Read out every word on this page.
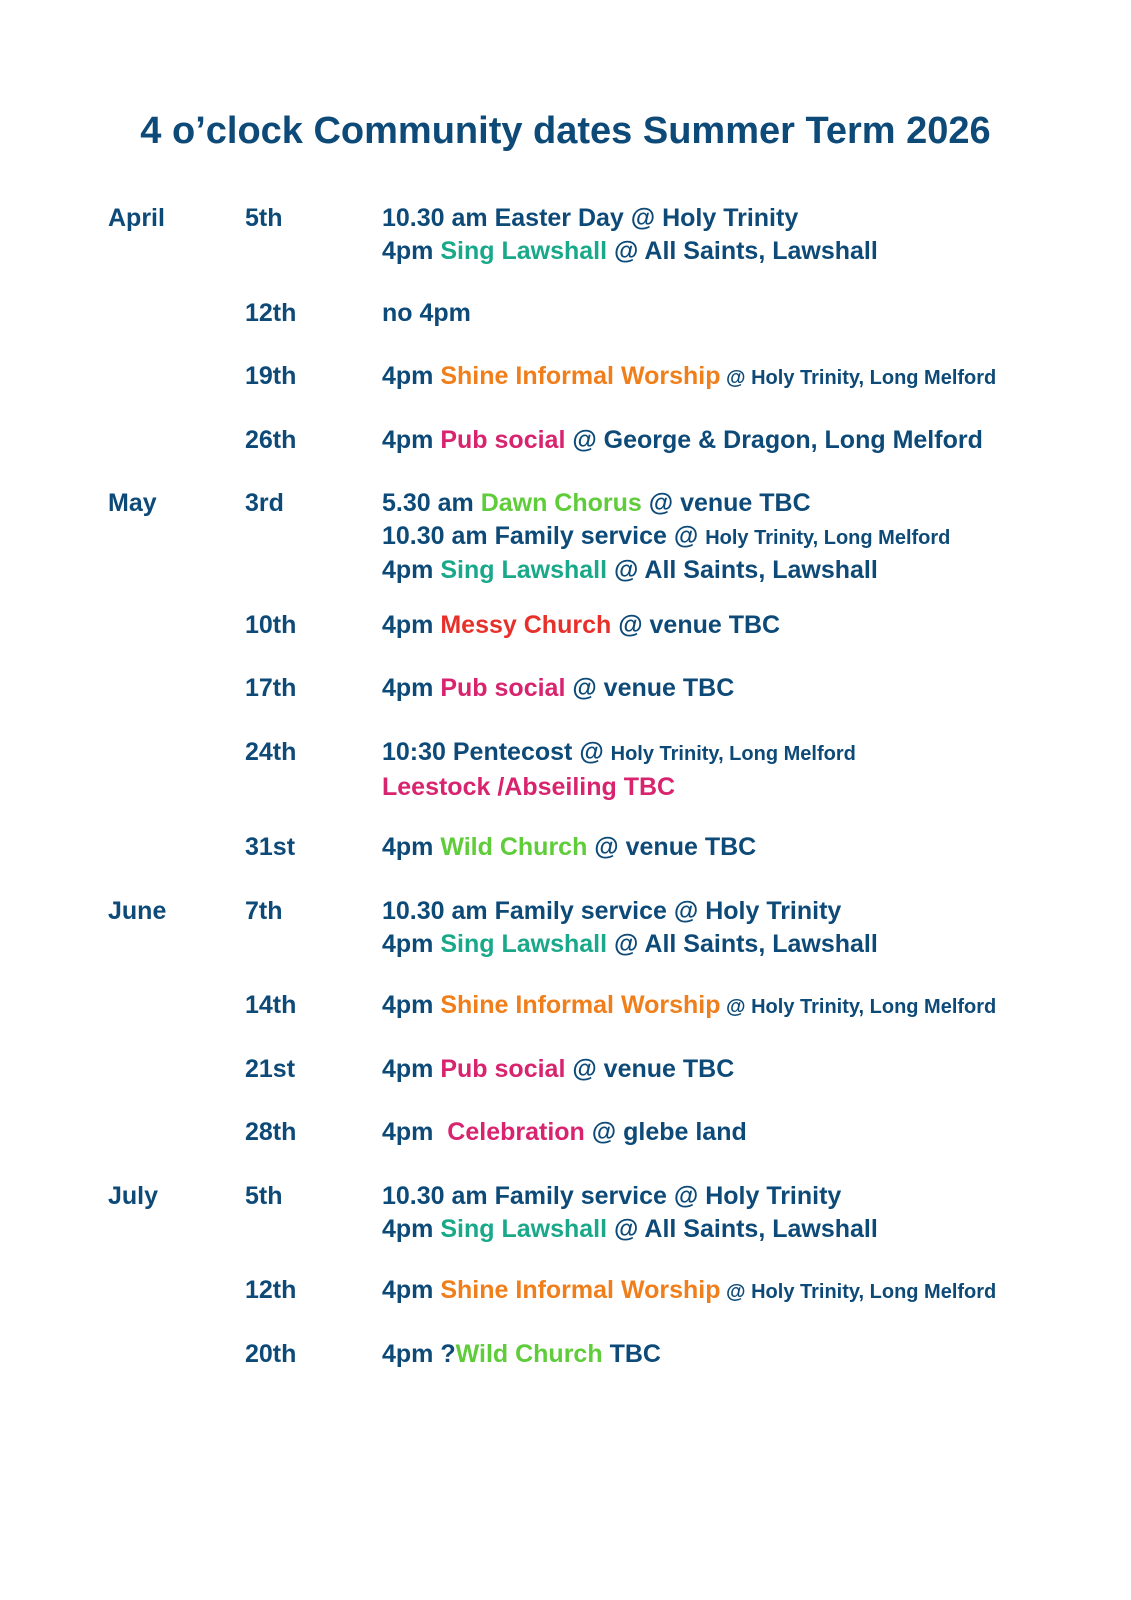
4 o’clock Community dates Summer Term 2026
April	5th	10.30 am Easter Day @ Holy Trinity
4pm Sing Lawshall @ All Saints, Lawshall
12th	no 4pm
19th	4pm Shine Informal Worship @ Holy Trinity, Long Melford
26th	4pm Pub social @ George & Dragon, Long Melford
May	3rd	5.30 am Dawn Chorus @ venue TBC
10.30 am Family service @ Holy Trinity, Long Melford
4pm Sing Lawshall @ All Saints, Lawshall
10th	4pm Messy Church @ venue TBC
17th	4pm Pub social @ venue TBC
24th	10:30 Pentecost @ Holy Trinity, Long Melford
Leestock /Abseiling TBC
31st	4pm Wild Church @ venue TBC
June	7th	10.30 am Family service @ Holy Trinity
4pm Sing Lawshall @ All Saints, Lawshall
14th	4pm Shine Informal Worship @ Holy Trinity, Long Melford
21st	4pm Pub social @ venue TBC
28th	4pm  Celebration @ glebe land
July	5th	10.30 am Family service @ Holy Trinity
4pm Sing Lawshall @ All Saints, Lawshall
12th	4pm Shine Informal Worship @ Holy Trinity, Long Melford
20th	4pm ?Wild Church TBC
